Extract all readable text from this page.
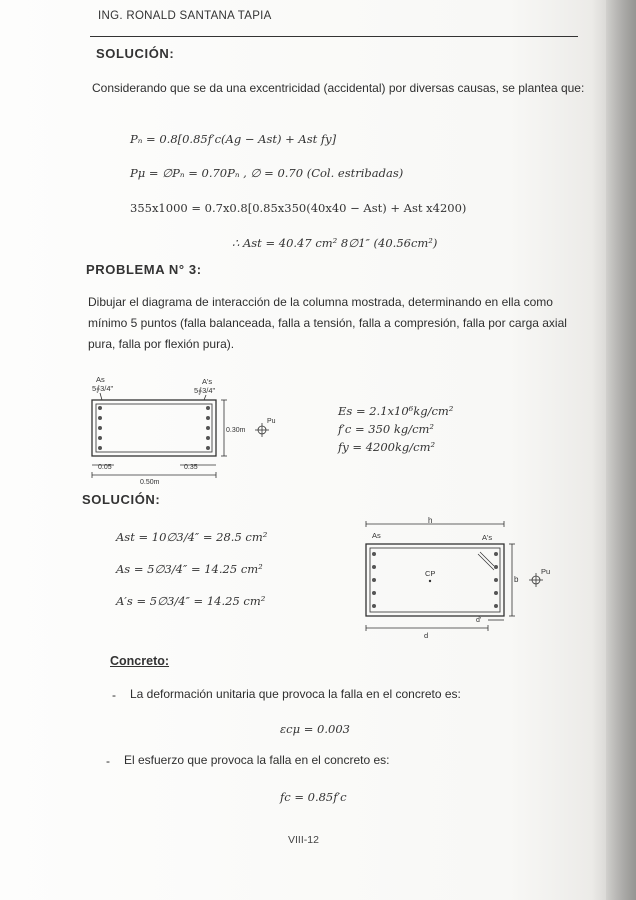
ING. RONALD SANTANA TAPIA
SOLUCIÓN:
Considerando que se da una excentricidad (accidental) por diversas causas, se plantea que:
Pₙ = 0.8[0.85f′c(Ag − Ast) + Ast fy]
Pμ = ∅Pₙ = 0.70Pₙ , ∅ = 0.70 (Col. estribadas)
355x1000 = 0.7x0.8[0.85x350(40x40 − Ast) + Ast x4200)
∴ Ast = 40.47 cm² 8∅1″ (40.56cm²)
PROBLEMA N° 3:
Dibujar el diagrama de interacción de la columna mostrada, determinando en ella como mínimo 5 puntos (falla balanceada, falla a tensión, falla a compresión, falla por carga axial pura, falla por flexión pura).
As
5∮3/4"
A's
5∮3/4"
0.30m
Pu
0.05	0.35
0.50m
Es = 2.1x10⁶kg/cm²
f′c = 350 kg/cm²
fy = 4200kg/cm²
SOLUCIÓN:
Ast = 10∅3/4″ = 28.5 cm²
As = 5∅3/4″ = 14.25 cm²
A′s = 5∅3/4″ = 14.25 cm²
h
As	A's
CP
b
Pu
d'
d
Concreto:
- La deformación unitaria que provoca la falla en el concreto es:
εcμ = 0.003
- El esfuerzo que provoca la falla en el concreto es:
fc = 0.85f′c
VIII-12
